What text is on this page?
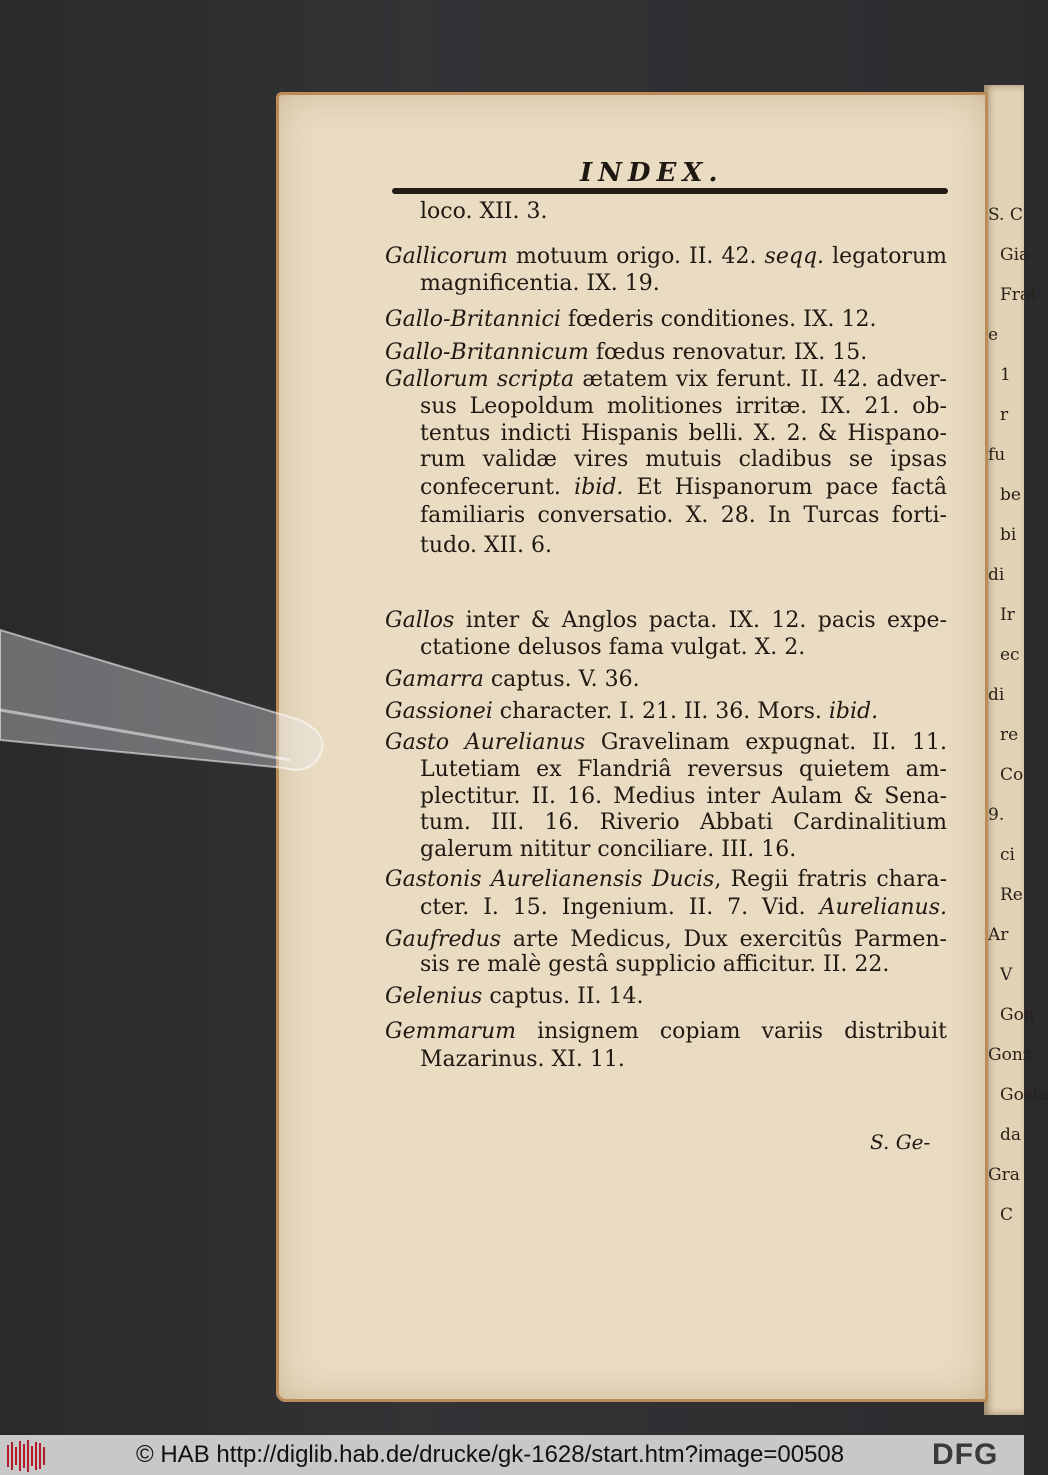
S. C
Gia
Frat
e
1
r
fu
be
bi
di
Ir
ec
di
re
Co
9.
ci
Re
Ar
V
Gon
Gonz
Gosla
da
Gra
C
INDEX.
loco. XII. 3.
Gallicorum motuum origo. II. 42. seqq. legatorum
magnificentia. IX. 19.
Gallo-Britannici fœderis conditiones. IX. 12.
Gallo-Britannicum fœdus renovatur. IX. 15.
Gallorum scripta ætatem vix ferunt. II. 42. adver-
sus Leopoldum molitiones irritæ. IX. 21. ob-
tentus indicti Hispanis belli. X. 2. & Hispano-
rum validæ vires mutuis cladibus se ipsas
confecerunt. ibid. Et Hispanorum pace factâ
familiaris conversatio. X. 28. In Turcas forti-
tudo. XII. 6.
Gallos inter & Anglos pacta. IX. 12. pacis expe-
ctatione delusos fama vulgat. X. 2.
Gamarra captus. V. 36.
Gassionei character. I. 21. II. 36. Mors. ibid.
Gasto Aurelianus Gravelinam expugnat. II. 11.
Lutetiam ex Flandriâ reversus quietem am-
plectitur. II. 16. Medius inter Aulam & Sena-
tum. III. 16. Riverio Abbati Cardinalitium
galerum nititur conciliare. III. 16.
Gastonis Aurelianensis Ducis, Regii fratris chara-
cter. I. 15. Ingenium. II. 7. Vid. Aurelianus.
Gaufredus arte Medicus, Dux exercitûs Parmen-
sis re malè gestâ supplicio afficitur. II. 22.
Gelenius captus. II. 14.
Gemmarum insignem copiam variis distribuit
Mazarinus. XI. 11.
S. Ge-
© HAB http://diglib.hab.de/drucke/gk-1628/start.htm?image=00508	DFG
